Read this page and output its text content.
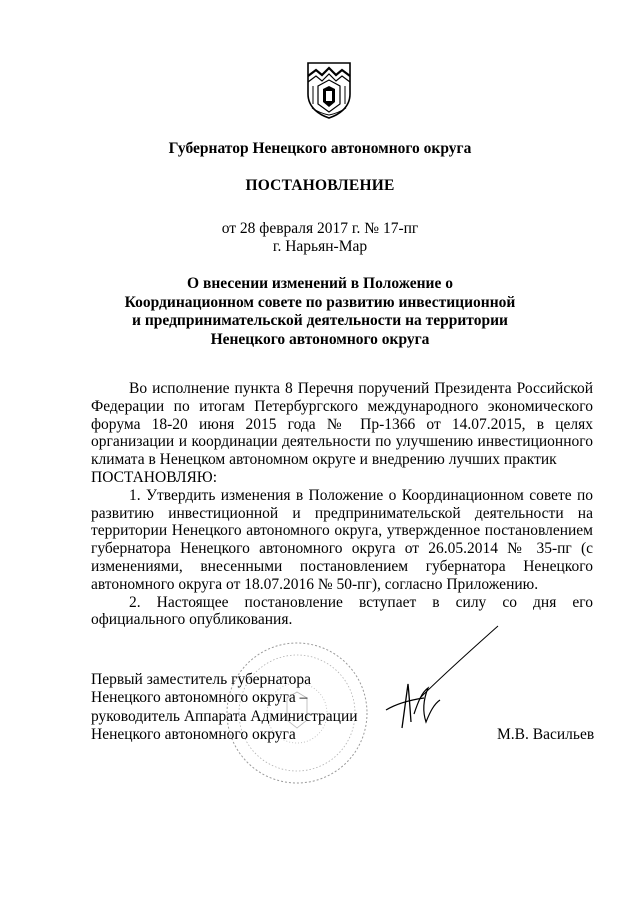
Губернатор Ненецкого автономного округа
ПОСТАНОВЛЕНИЕ
от 28 февраля 2017 г. № 17-пг
г. Нарьян-Мар
О внесении изменений в Положение о
Координационном совете по развитию инвестиционной
и предпринимательской деятельности на территории
Ненецкого автономного округа

Во исполнение пункта 8 Перечня поручений Президента Российской Федерации по итогам Петербургского международного экономического форума 18-20 июня 2015 года № Пр-1366 от 14.07.2015, в целях организации и координации деятельности по улучшению инвестиционного климата в Ненецком автономном округе и внедрению лучших практик

ПОСТАНОВЛЯЮ:

1. Утвердить изменения в Положение о Координационном совете по развитию инвестиционной и предпринимательской деятельности на территории Ненецкого автономного округа, утвержденное постановлением губернатора Ненецкого автономного округа от 26.05.2014 № 35-пг (с изменениями, внесенными постановлением губернатора Ненецкого автономного округа от 18.07.2016 № 50-пг), согласно Приложению.

2. Настоящее постановление вступает в силу со дня его официального опубликования.

Первый заместитель губернатора
Ненецкого автономного округа –
руководитель Аппарата Администрации
Ненецкого автономного округа	М.В. Васильев
